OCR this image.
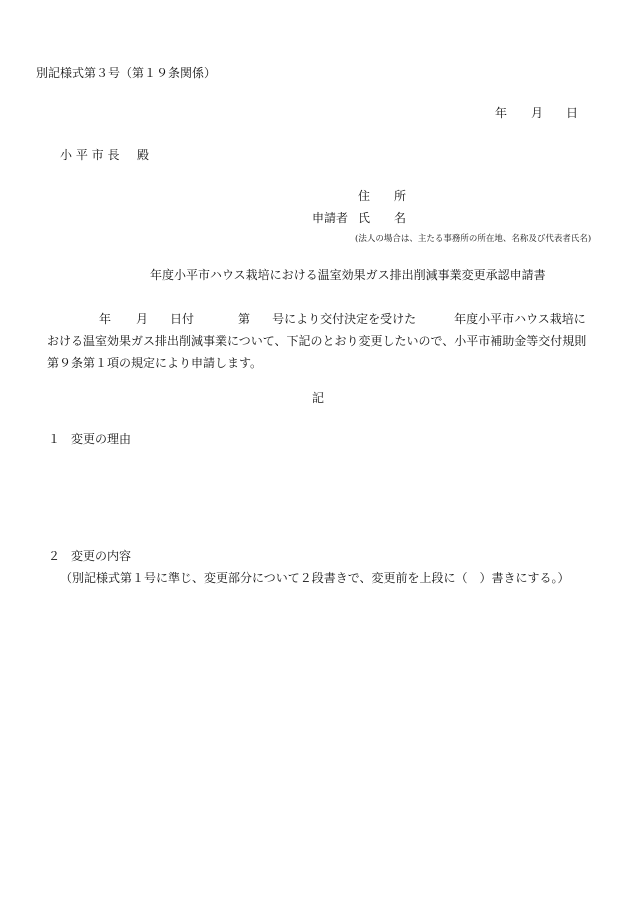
別記様式第３号（第１９条関係）
年 月 日
小 平 市 長 殿
住　　所
申請者 氏　　名
(法人の場合は、主たる事務所の所在地、名称及び代表者氏名)
年度小平市ハウス栽培における温室効果ガス排出削減事業変更承認申請書
年 月 日付	第 号により交付決定を受けた	年度小平市ハウス栽培における温室効果ガス排出削減事業について、下記のとおり変更したいので、小平市補助金等交付規則第９条第１項の規定により申請します。
記
１ 変更の理由
２ 変更の内容
（別記様式第１号に準じ、変更部分について２段書きで、変更前を上段に（　）書きにする。）
